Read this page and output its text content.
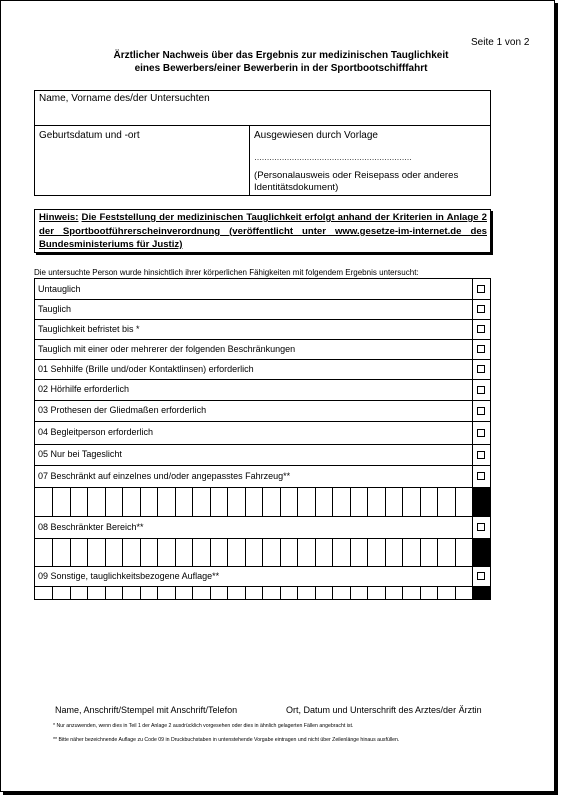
Seite 1 von 2
Ärztlicher Nachweis über das Ergebnis zur medizinischen Tauglichkeit
eines Bewerbers/einer Bewerberin in der Sportbootschifffahrt
Name, Vorname des/der Untersuchten
Geburtsdatum und -ort	Ausgewiesen durch Vorlage
………………………………………………………
(Personalausweis oder Reisepass oder anderes
Identitätsdokument)
Hinweis: Die Feststellung der medizinischen Tauglichkeit erfolgt anhand der Kriterien in Anlage 2 der Sportbootführerscheinverordnung (veröffentlicht unter www.gesetze-im-internet.de des Bundesministeriums für Justiz)
Die untersuchte Person wurde hinsichtlich ihrer körperlichen Fähigkeiten mit folgendem Ergebnis untersucht:
Untauglich
Tauglich
Tauglichkeit befristet bis *
Tauglich mit einer oder mehrerer der folgenden Beschränkungen
01 Sehhilfe (Brille und/oder Kontaktlinsen) erforderlich
02 Hörhilfe erforderlich
03 Prothesen der Gliedmaßen erforderlich
04 Begleitperson erforderlich
05 Nur bei Tageslicht
07 Beschränkt auf einzelnes und/oder angepasstes Fahrzeug**
08 Beschränkter Bereich**
09 Sonstige, tauglichkeitsbezogene Auflage**
Name, Anschrift/Stempel mit Anschrift/Telefon	Ort, Datum und Unterschrift des Arztes/der Ärztin
* Nur anzuwenden, wenn dies in Teil 1 der Anlage 2 ausdrücklich vorgesehen oder dies in ähnlich gelagerten Fällen angebracht ist.
** Bitte näher bezeichnende Auflage zu Code 09 in Druckbuchstaben in untenstehende Vorgabe eintragen und nicht über Zeilenlänge hinaus ausfüllen.
